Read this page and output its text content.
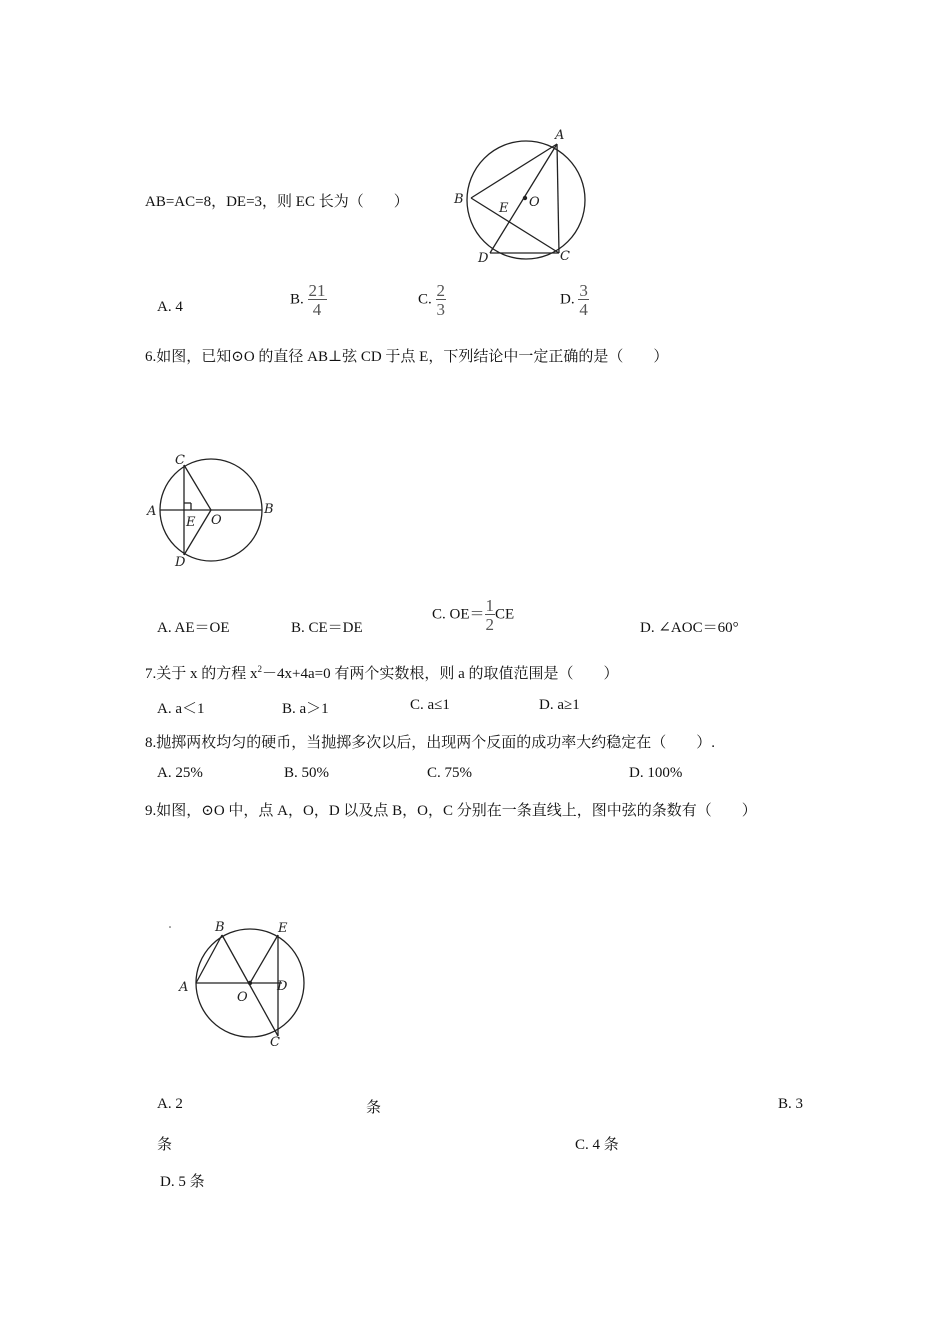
AB=AC=8，DE=3，则 EC 长为（　　）
A
B
C
D
E O
A. 4	B. $\frac{21}{4}$	C. $\frac{2}{3}$	D. $\frac{3}{4}$
6.如图，已知⊙O 的直径 AB⊥弦 CD 于点 E，下列结论中一定正确的是（　　）
C
A	B
E O
D
A. AE＝OE	B. CE＝DE
C. $OE= \frac{1}{2}$ CE
D. ∠AOC＝60°
7.关于 x 的方程 $x^2-4x+4a=0$ 有两个实数根，则 a 的取值范围是（　　）
A. a＜1	B. a＞1	C. a≤1	D. a≥1
8.抛掷两枚均匀的硬币，当抛掷多次以后，出现两个反面的成功率大约稳定在（　　）.
A. 25%	B. 50%	C. 75%	D. 100%
9.如图，⊙O 中，点 A，O，D 以及点 B，O，C 分别在一条直线上，图中弦的条数有（　　）
B	E
A
O
D
C
A. 2	条	B. 3
条	C. 4 条
D. 5 条
